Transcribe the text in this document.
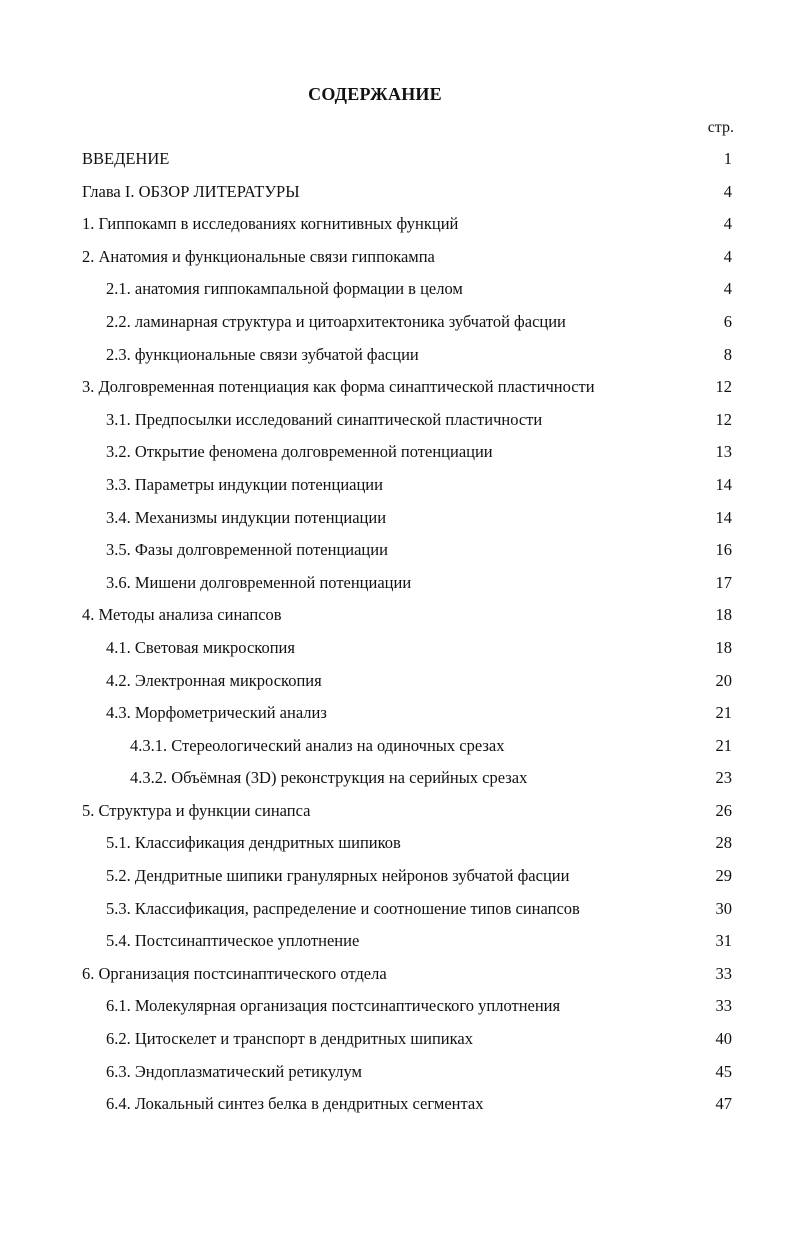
СОДЕРЖАНИЕ
стр.
ВВЕДЕНИЕ	1
Глава I. ОБЗОР ЛИТЕРАТУРЫ	4
1. Гиппокамп в исследованиях когнитивных функций	4
2. Анатомия и функциональные связи гиппокампа	4
2.1. анатомия гиппокампальной формации в целом	4
2.2. ламинарная структура и цитоархитектоника зубчатой фасции	6
2.3. функциональные связи зубчатой фасции	8
3. Долговременная потенциация как форма синаптической пластичности	12
3.1. Предпосылки исследований синаптической пластичности	12
3.2. Открытие феномена долговременной потенциации	13
3.3. Параметры индукции потенциации	14
3.4. Механизмы индукции потенциации	14
3.5. Фазы долговременной потенциации	16
3.6. Мишени долговременной потенциации	17
4. Методы анализа синапсов	18
4.1. Световая микроскопия	18
4.2. Электронная микроскопия	20
4.3. Морфометрический анализ	21
4.3.1. Стереологический анализ на одиночных срезах	21
4.3.2. Объёмная (3D) реконструкция на серийных срезах	23
5. Структура и функции синапса	26
5.1. Классификация дендритных шипиков	28
5.2. Дендритные шипики гранулярных нейронов зубчатой фасции	29
5.3. Классификация, распределение и соотношение типов синапсов	30
5.4. Постсинаптическое уплотнение	31
6. Организация постсинаптического отдела	33
6.1. Молекулярная организация постсинаптического уплотнения	33
6.2. Цитоскелет и транспорт в дендритных шипиках	40
6.3. Эндоплазматический ретикулум	45
6.4. Локальный синтез белка в дендритных сегментах	47
